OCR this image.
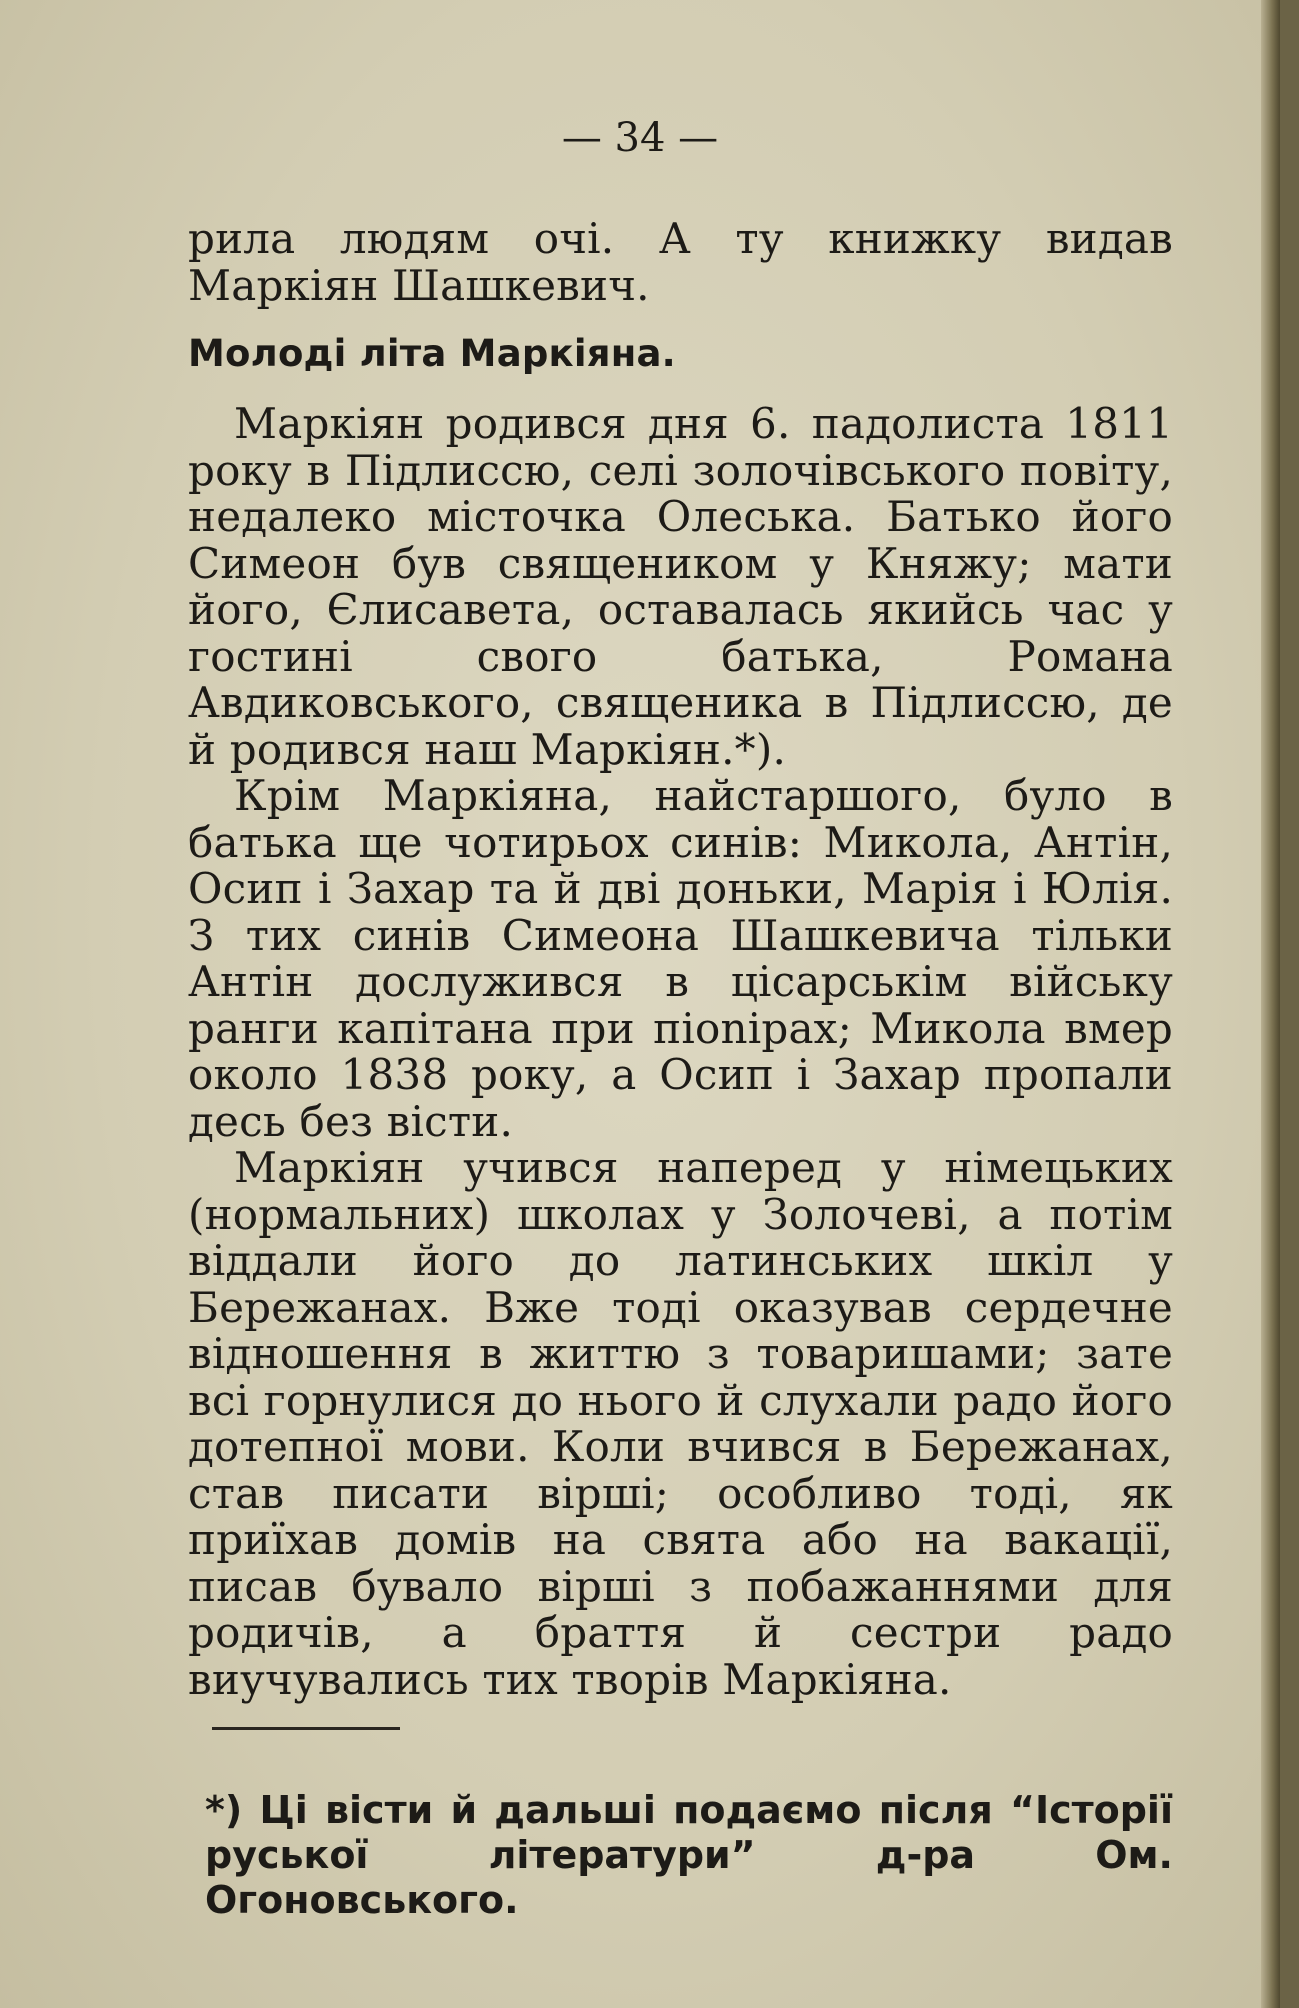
— 34 —

рила людям очі. А ту книжку видав Маркіян Шашкевич.

Молоді літа Маркіяна.

Маркіян родився дня 6. падолиста 1811 року в Підлиссю, селі золочівського повіту, недалеко місточка Олеська. Батько його Симеон був священиком у Княжу; мати його, Єлисавета, оставалась якийсь час у гостині свого батька, Романа Авдиковського, священика в Підлиссю, де й родився наш Маркіян.*).

Крім Маркіяна, найстаршого, було в батька ще чотирьох синів: Микола, Антін, Осип і Захар та й дві доньки, Марія і Юлія. З тих синів Симеона Шашкевича тільки Антін дослужився в цісарськім війську ранги капітана при пionірах; Микола вмер около 1838 року, а Осип і Захар пропали десь без вісти.

Маркіян учився наперед у німецьких (нормальних) школах у Золочеві, а потім віддали його до латинських шкіл у Бережанах. Вже тоді оказував сердечне відношення в життю з товаришами; зате всі горнулися до нього й слухали радо його дотепної мови. Коли вчився в Бережанах, став писати вірші; особливо тоді, як приїхав домів на свята або на вакації, писав бувало вірші з побажаннями для родичів, а браття й сестри радо виучувались тих творів Маркіяна.

*) Ці вісти й дальші подаємо після “Історії руської літератури” д-ра Ом. Огоновського.
